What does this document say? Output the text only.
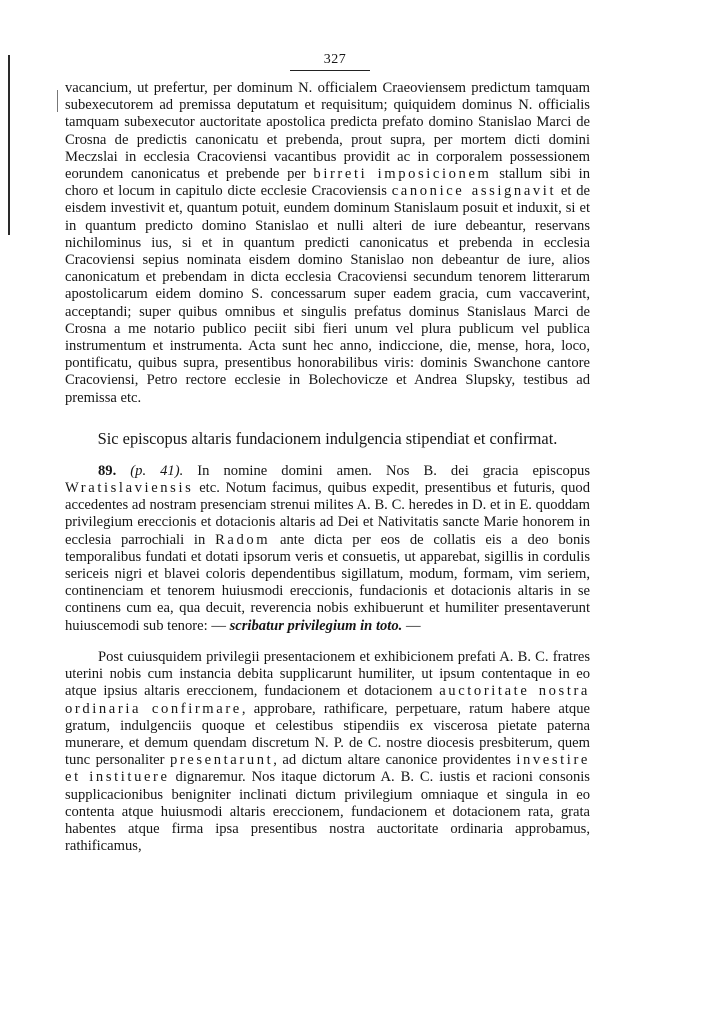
327

vacancium, ut prefertur, per dominum N. officialem Craeoviensem predictum tamquam subexecutorem ad premissa deputatum et requisitum; quiquidem dominus N. officialis tamquam subexecutor auctoritate apostolica predicta prefato domino Stanislao Marci de Crosna de predictis canonicatu et prebenda, prout supra, per mortem dicti domini Meczslai in ecclesia Cracoviensi vacantibus providit ac in corporalem possessionem eorundem canonicatus et prebende per birreti imposicionem stallum sibi in choro et locum in capitulo dicte ecclesie Cracoviensis canonice assignavit et de eisdem investivit et, quantum potuit, eundem dominum Stanislaum posuit et induxit, si et in quantum predicto domino Stanislao et nulli alteri de iure debeantur, reservans nichilominus ius, si et in quantum predicti canonicatus et prebenda in ecclesia Cracoviensi sepius nominata eisdem domino Stanislao non debeantur de iure, alios canonicatum et prebendam in dicta ecclesia Cracoviensi secundum tenorem litterarum apostolicarum eidem domino S. concessarum super eadem gracia, cum vaccaverint, acceptandi; super quibus omnibus et singulis prefatus dominus Stanislaus Marci de Crosna a me notario publico peciit sibi fieri unum vel plura publicum vel publica instrumentum et instrumenta. Acta sunt hec anno, indiccione, die, mense, hora, loco, pontificatu, quibus supra, presentibus honorabilibus viris: dominis Swanchone cantore Cracoviensi, Petro rectore ecclesie in Bolechovicze et Andrea Slupsky, testibus ad premissa etc.

Sic episcopus altaris fundacionem indulgencia stipendiat et confirmat.

89. (p. 41). In nomine domini amen. Nos B. dei gracia episcopus Wratislaviensis etc. Notum facimus, quibus expedit, presentibus et futuris, quod accedentes ad nostram presenciam strenui milites A. B. C. heredes in D. et in E. quoddam privilegium ereccionis et dotacionis altaris ad Dei et Nativitatis sancte Marie honorem in ecclesia parrochiali in Radom ante dicta per eos de collatis eis a deo bonis temporalibus fundati et dotati ipsorum veris et consuetis, ut apparebat, sigillis in cordulis sericeis nigri et blavei coloris dependentibus sigillatum, modum, formam, vim seriem, continenciam et tenorem huiusmodi ereccionis, fundacionis et dotacionis altaris in se continens cum ea, qua decuit, reverencia nobis exhibuerunt et humiliter presentaverunt huiuscemodi sub tenore: — scribatur privilegium in toto. —

Post cuiusquidem privilegii presentacionem et exhibicionem prefati A. B. C. fratres uterini nobis cum instancia debita supplicarunt humiliter, ut ipsum contentaque in eo atque ipsius altaris ereccionem, fundacionem et dotacionem auctoritate nostra ordinaria confirmare, approbare, rathificare, perpetuare, ratum habere atque gratum, indulgenciis quoque et celestibus stipendiis ex viscerosa pietate paterna munerare, et demum quendam discretum N. P. de C. nostre diocesis presbiterum, quem tunc personaliter presentarunt, ad dictum altare canonice providentes investire et instituere dignaremur. Nos itaque dictorum A. B. C. iustis et racioni consonis supplicacionibus benigniter inclinati dictum privilegium omniaque et singula in eo contenta atque huiusmodi altaris ereccionem, fundacionem et dotacionem rata, grata habentes atque firma ipsa presentibus nostra auctoritate ordinaria approbamus, rathificamus,
